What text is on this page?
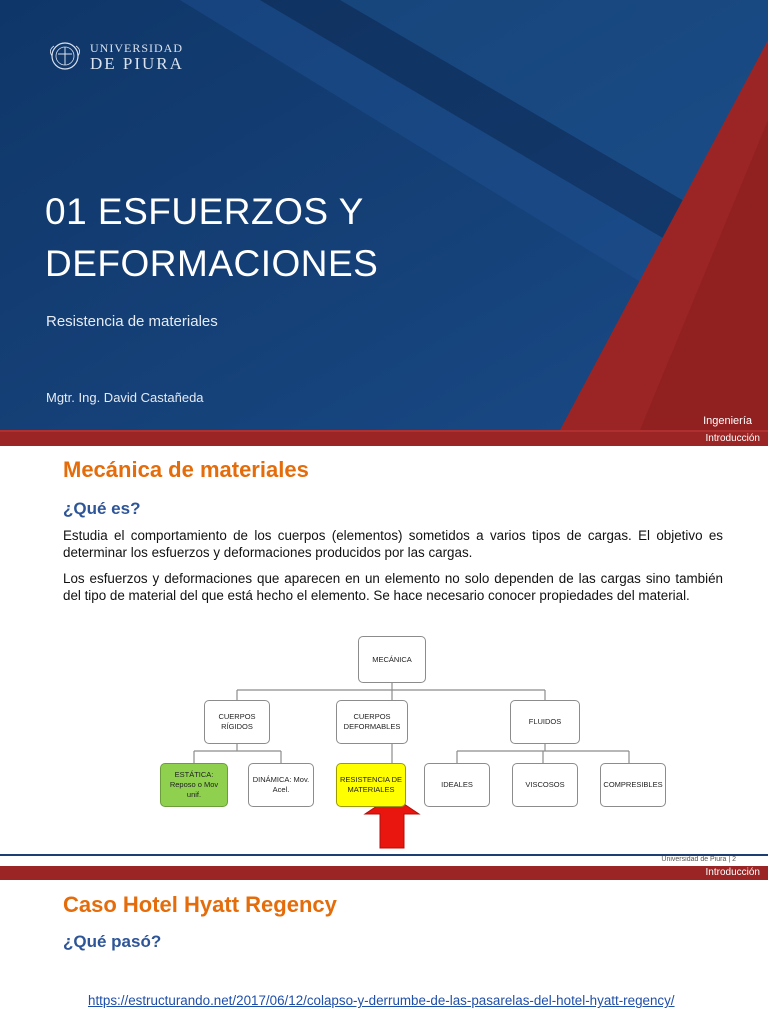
UNIVERSIDAD
DE PIURA
01 ESFUERZOS Y DEFORMACIONES
Resistencia de materiales
Mgtr. Ing. David Castañeda
Ingeniería
Introducción
Mecánica de materiales
¿Qué es?

Estudia el comportamiento de los cuerpos (elementos) sometidos a varios tipos de cargas. El objetivo es determinar los esfuerzos y deformaciones producidos por las cargas.

Los esfuerzos y deformaciones que aparecen en un elemento no solo dependen de las cargas sino también del tipo de material del que está hecho el elemento. Se hace necesario conocer propiedades del material.

MECÁNICA
CUERPOS RÍGIDOS
CUERPOS DEFORMABLES
FLUIDOS
ESTÁTICA: Reposo o Mov unif.
DINÁMICA: Mov. Acel.
RESISTENCIA DE MATERIALES
IDEALES	VISCOSOS	COMPRESIBLES
Universidad de Piura | 2
Introducción
Caso Hotel Hyatt Regency
¿Qué pasó?
https://estructurando.net/2017/06/12/colapso-y-derrumbe-de-las-pasarelas-del-hotel-hyatt-regency/
